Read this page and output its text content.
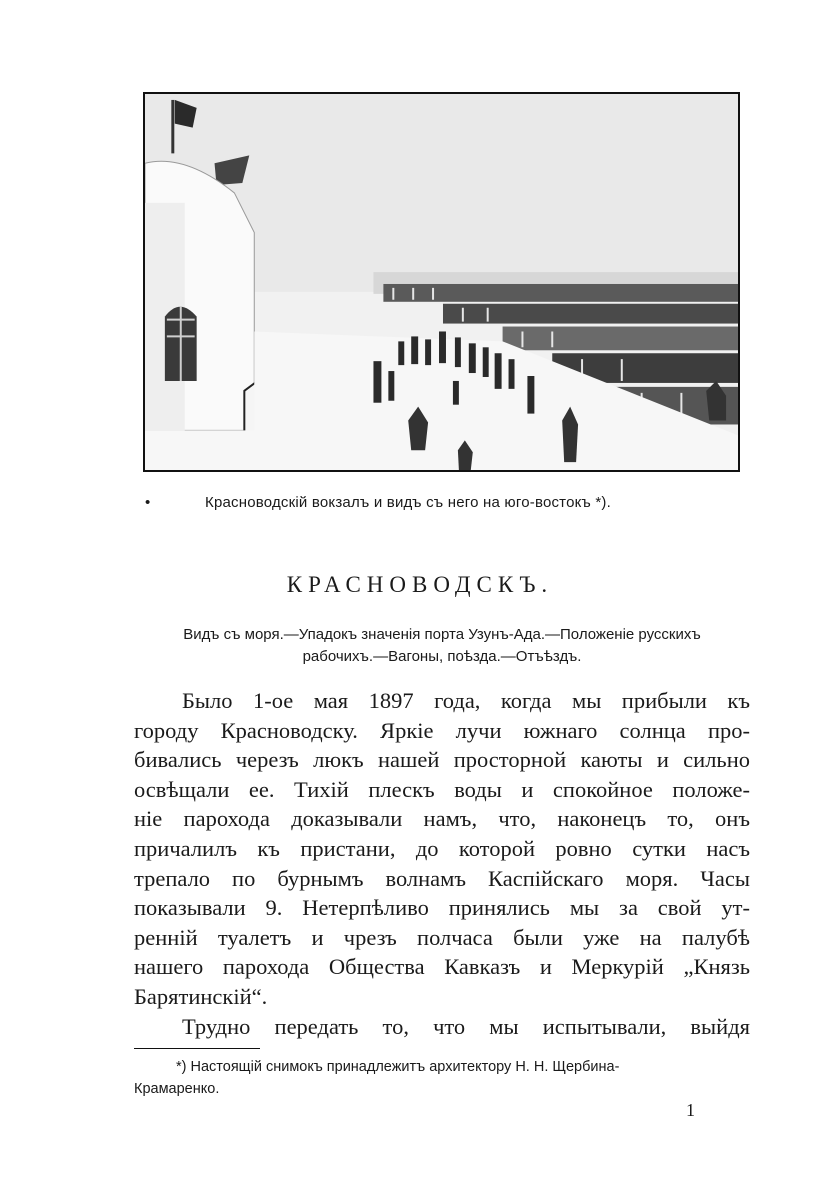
•	Красноводскій вокзалъ и видъ съ него на юго-востокъ *).
КРАСНОВОДСКЪ.
Видъ съ моря.—Упадокъ значенія порта Узунъ-Ада.—Положеніе русскихъ
рабочихъ.—Вагоны, поѣзда.—Отъѣздъ.
Было 1-ое мая 1897 года, когда мы прибыли къ
городу Красноводску. Яркіе лучи южнаго солнца про-
бивались черезъ люкъ нашей просторной каюты и сильно
освѣщали ее. Тихій плескъ воды и спокойное положе-
ніе парохода доказывали намъ, что, наконецъ то, онъ
причалилъ къ пристани, до которой ровно сутки насъ
трепало по бурнымъ волнамъ Каспійскаго моря. Часы
показывали 9. Нетерпѣливо принялись мы за свой ут-
ренній туалетъ и чрезъ полчаса были уже на палубѣ
нашего парохода Общества Кавказъ и Меркурій „Князь
Барятинскій“.
Трудно передать то, что мы испытывали, выйдя
*) Настоящій снимокъ принадлежитъ архитектору Н. Н. Щербина-
Крамаренко.
1
